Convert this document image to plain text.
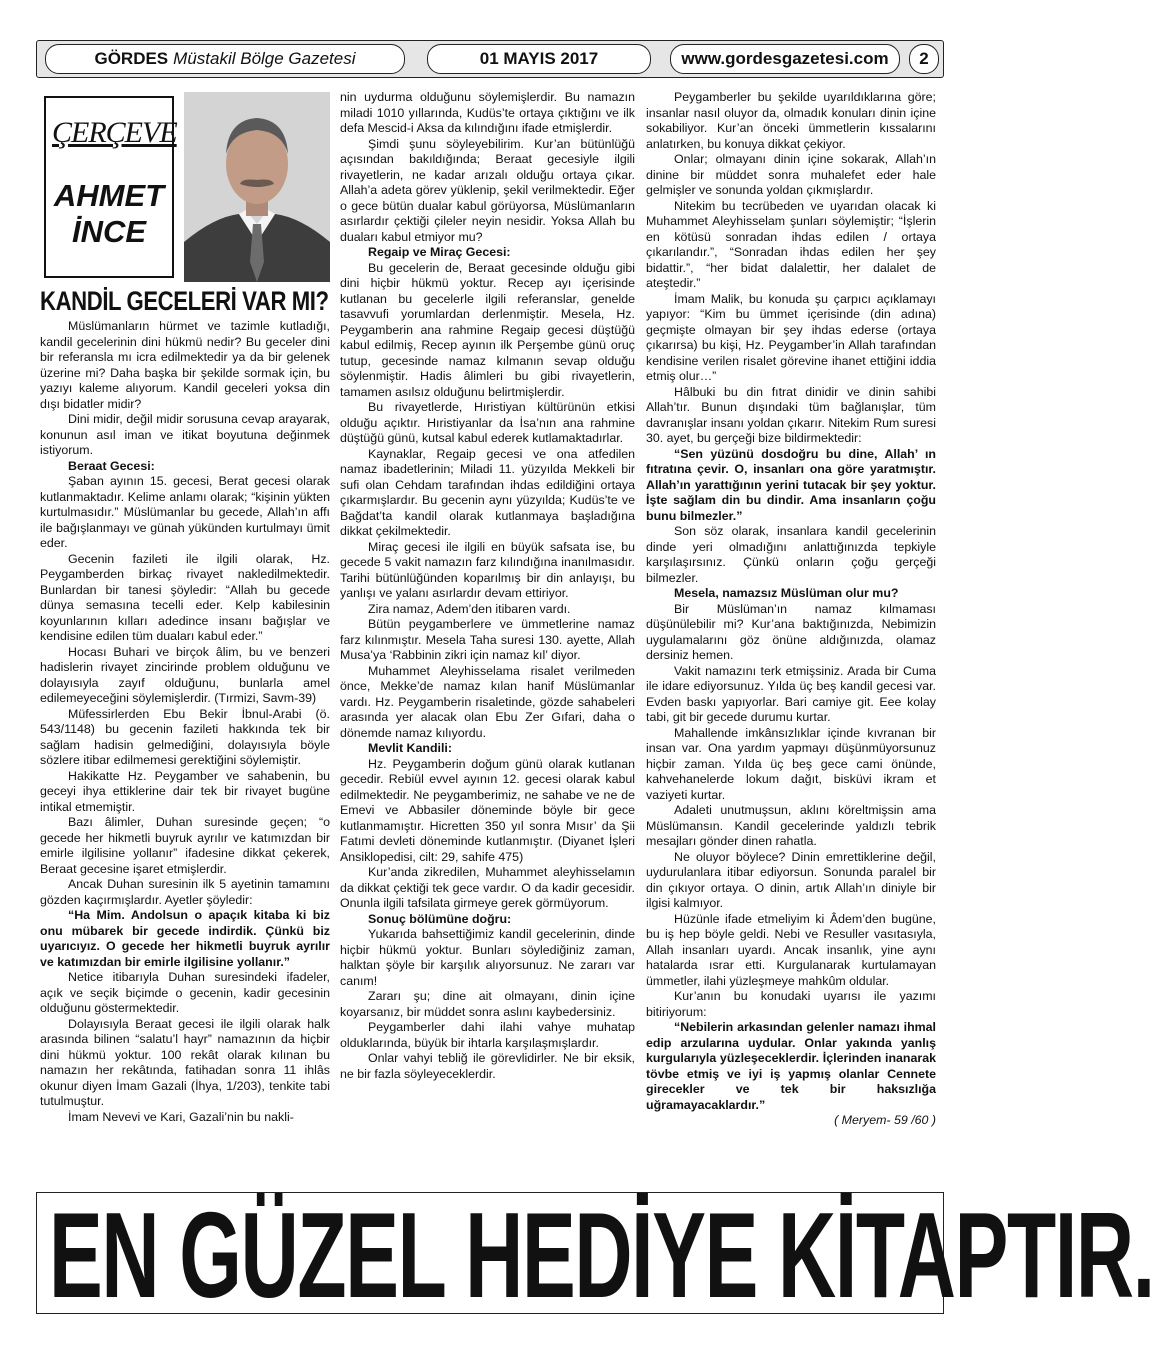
GÖRDES Müstakil Bölge Gazetesi	01 MAYIS 2017	www.gordesgazetesi.com	2
ÇERÇEVE
AHMET
İNCE
KANDİL GECELERİ VAR MI?

Müslümanların hürmet ve tazimle kutladığı, kandil gecelerinin dini hükmü nedir? Bu geceler dini bir referansla mı icra edilmektedir ya da bir gelenek üzerine mi? Daha başka bir şekilde sormak için, bu yazıyı kaleme alıyorum. Kandil geceleri yoksa din dışı bidatler midir?

Dini midir, değil midir sorusuna cevap arayarak, konunun asıl iman ve itikat boyutuna değinmek istiyorum.

Beraat Gecesi:

Şaban ayının 15. gecesi, Berat gecesi olarak kutlanmaktadır. Kelime anlamı olarak; “kişinin yükten kurtulmasıdır.” Müslümanlar bu gecede, Allah’ın affı ile bağışlanmayı ve günah yükünden kurtulmayı ümit eder.

Gecenin fazileti ile ilgili olarak, Hz. Peygamberden birkaç rivayet nakledilmektedir. Bunlardan bir tanesi şöyledir: “Allah bu gecede dünya semasına tecelli eder. Kelp kabilesinin koyunlarının kılları adedince insanı bağışlar ve kendisine edilen tüm duaları kabul eder.”

Hocası Buhari ve birçok âlim, bu ve benzeri hadislerin rivayet zincirinde problem olduğunu ve dolayısıyla zayıf olduğunu, bunlarla amel edilemeyeceğini söylemişlerdir. (Tırmizi, Savm-39)

Müfessirlerden Ebu Bekir İbnul-Arabi (ö. 543/1148) bu gecenin fazileti hakkında tek bir sağlam hadisin gelmediğini, dolayısıyla böyle sözlere itibar edilmemesi gerektiğini söylemiştir.

Hakikatte Hz. Peygamber ve sahabenin, bu geceyi ihya ettiklerine dair tek bir rivayet bugüne intikal etmemiştir.

Bazı âlimler, Duhan suresinde geçen; “o gecede her hikmetli buyruk ayrılır ve katımızdan bir emirle ilgilisine yollanır” ifadesine dikkat çekerek, Beraat gecesine işaret etmişlerdir.

Ancak Duhan suresinin ilk 5 ayetinin tamamını gözden kaçırmışlardır. Ayetler şöyledir:

“Ha Mim. Andolsun o apaçık kitaba ki biz onu mübarek bir gecede indirdik. Çünkü biz uyarıcıyız. O gecede her hikmetli buyruk ayrılır ve katımızdan bir emirle ilgilisine yollanır.”

Netice itibarıyla Duhan suresindeki ifadeler, açık ve seçik biçimde o gecenin, kadir gecesinin olduğunu göstermektedir.

Dolayısıyla Beraat gecesi ile ilgili olarak halk arasında bilinen “salatu’l hayr” namazının da hiçbir dini hükmü yoktur. 100 rekât olarak kılınan bu namazın her rekâtında, fatihadan sonra 11 ihlâs okunur diyen İmam Gazali (İhya, 1/203), tenkite tabi tutulmuştur.

İmam Nevevi ve Kari, Gazali’nin bu nakli-

nin uydurma olduğunu söylemişlerdir. Bu namazın miladi 1010 yıllarında, Kudüs’te ortaya çıktığını ve ilk defa Mescid-i Aksa da kılındığını ifade etmişlerdir.

Şimdi şunu söyleyebilirim. Kur’an bütünlüğü açısından bakıldığında; Beraat gecesiyle ilgili rivayetlerin, ne kadar arızalı olduğu ortaya çıkar. Allah’a adeta görev yüklenip, şekil verilmektedir. Eğer o gece bütün dualar kabul görüyorsa, Müslümanların asırlardır çektiği çileler neyin nesidir. Yoksa Allah bu duaları kabul etmiyor mu?

Regaip ve Miraç Gecesi:

Bu gecelerin de, Beraat gecesinde olduğu gibi dini hiçbir hükmü yoktur. Recep ayı içerisinde kutlanan bu gecelerle ilgili referanslar, genelde tasavvufi yorumlardan derlenmiştir. Mesela, Hz. Peygamberin ana rahmine Regaip gecesi düştüğü kabul edilmiş, Recep ayının ilk Perşembe günü oruç tutup, gecesinde namaz kılmanın sevap olduğu söylenmiştir. Hadis âlimleri bu gibi rivayetlerin, tamamen asılsız olduğunu belirtmişlerdir.

Bu rivayetlerde, Hıristiyan kültürünün etkisi olduğu açıktır. Hıristiyanlar da İsa’nın ana rahmine düştüğü günü, kutsal kabul ederek kutlamaktadırlar.

Kaynaklar, Regaip gecesi ve ona atfedilen namaz ibadetlerinin; Miladi 11. yüzyılda Mekkeli bir sufi olan Cehdam tarafından ihdas edildiğini ortaya çıkarmışlardır. Bu gecenin aynı yüzyılda; Kudüs’te ve Bağdat’ta kandil olarak kutlanmaya başladığına dikkat çekilmektedir.

Miraç gecesi ile ilgili en büyük safsata ise, bu gecede 5 vakit namazın farz kılındığına inanılmasıdır. Tarihi bütünlüğünden koparılmış bir din anlayışı, bu yanlışı ve yalanı asırlardır devam ettiriyor.

Zira namaz, Adem’den itibaren vardı.

Bütün peygamberlere ve ümmetlerine namaz farz kılınmıştır. Mesela Taha suresi 130. ayette, Allah Musa’ya ‘Rabbinin zikri için namaz kıl’ diyor.

Muhammet Aleyhisselama risalet verilmeden önce, Mekke’de namaz kılan hanif Müslümanlar vardı. Hz. Peygamberin risaletinde, gözde sahabeleri arasında yer alacak olan Ebu Zer Gıfari, daha o dönemde namaz kılıyordu.

Mevlit Kandili:

Hz. Peygamberin doğum günü olarak kutlanan gecedir. Rebiül evvel ayının 12. gecesi olarak kabul edilmektedir. Ne peygamberimiz, ne sahabe ve ne de Emevi ve Abbasiler döneminde böyle bir gece kutlanmamıştır. Hicretten 350 yıl sonra Mısır’ da Şii Fatımi devleti döneminde kutlanmıştır. (Diyanet İşleri Ansiklopedisi, cilt: 29, sahife 475)

Kur’anda zikredilen, Muhammet aleyhisselamın da dikkat çektiği tek gece vardır. O da kadir gecesidir. Onunla ilgili tafsilata girmeye gerek görmüyorum.

Sonuç bölümüne doğru:

Yukarıda bahsettiğimiz kandil gecelerinin, dinde hiçbir hükmü yoktur. Bunları söylediğiniz zaman, halktan şöyle bir karşılık alıyorsunuz. Ne zararı var canım!

Zararı şu; dine ait olmayanı, dinin içine koyarsanız, bir müddet sonra aslını kaybedersiniz.

Peygamberler dahi ilahi vahye muhatap olduklarında, büyük bir ihtarla karşılaşmışlardır.

Onlar vahyi tebliğ ile görevlidirler. Ne bir eksik, ne bir fazla söyleyeceklerdir.

Peygamberler bu şekilde uyarıldıklarına göre; insanlar nasıl oluyor da, olmadık konuları dinin içine sokabiliyor. Kur’an önceki ümmetlerin kıssalarını anlatırken, bu konuya dikkat çekiyor.

Onlar; olmayanı dinin içine sokarak, Allah’ın dinine bir müddet sonra muhalefet eder hale gelmişler ve sonunda yoldan çıkmışlardır.

Nitekim bu tecrübeden ve uyarıdan olacak ki Muhammet Aleyhisselam şunları söylemiştir; “İşlerin en kötüsü sonradan ihdas edilen / ortaya çıkarılandır.”, “Sonradan ihdas edilen her şey bidattir.”, “her bidat dalalettir, her dalalet de ateştedir.”

İmam Malik, bu konuda şu çarpıcı açıklamayı yapıyor: “Kim bu ümmet içerisinde (din adına) geçmişte olmayan bir şey ihdas ederse (ortaya çıkarırsa) bu kişi, Hz. Peygamber’in Allah tarafından kendisine verilen risalet görevine ihanet ettiğini iddia etmiş olur…”

Hâlbuki bu din fıtrat dinidir ve dinin sahibi Allah’tır. Bunun dışındaki tüm bağlanışlar, tüm davranışlar insanı yoldan çıkarır. Nitekim Rum suresi 30. ayet, bu gerçeği bize bildirmektedir:

“Sen yüzünü dosdoğru bu dine, Allah’ ın fıtratına çevir. O, insanları ona göre yaratmıştır. Allah’ın yarattığının yerini tutacak bir şey yoktur. İşte sağlam din bu dindir. Ama insanların çoğu bunu bilmezler.”

Son söz olarak, insanlara kandil gecelerinin dinde yeri olmadığını anlattığınızda tepkiyle karşılaşırsınız. Çünkü onların çoğu gerçeği bilmezler.

Mesela, namazsız Müslüman olur mu?

Bir Müslüman’ın namaz kılmaması düşünülebilir mi? Kur’ana baktığınızda, Nebimizin uygulamalarını göz önüne aldığınızda, olamaz dersiniz hemen.

Vakit namazını terk etmişsiniz. Arada bir Cuma ile idare ediyorsunuz. Yılda üç beş kandil gecesi var. Evden baskı yapıyorlar. Bari camiye git. Eee kolay tabi, git bir gecede durumu kurtar.

Mahallende imkânsızlıklar içinde kıvranan bir insan var. Ona yardım yapmayı düşünmüyorsunuz hiçbir zaman. Yılda üç beş gece cami önünde, kahvehanelerde lokum dağıt, bisküvi ikram et vaziyeti kurtar.

Adaleti unutmuşsun, aklını köreltmişsin ama Müslümansın. Kandil gecelerinde yaldızlı tebrik mesajları gönder dinen rahatla.

Ne oluyor böylece? Dinin emrettiklerine değil, uydurulanlara itibar ediyorsun. Sonunda paralel bir din çıkıyor ortaya. O dinin, artık Allah’ın diniyle bir ilgisi kalmıyor.

Hüzünle ifade etmeliyim ki Âdem’den bugüne, bu iş hep böyle geldi. Nebi ve Resuller vasıtasıyla, Allah insanları uyardı. Ancak insanlık, yine aynı hatalarda ısrar etti. Kurgulanarak kurtulamayan ümmetler, ilahi yüzleşmeye mahkûm oldular.

Kur’anın bu konudaki uyarısı ile yazımı bitiriyorum:

“Nebilerin arkasından gelenler namazı ihmal edip arzularına uydular. Onlar yakında yanlış kurgularıyla yüzleşeceklerdir. İçlerinden inanarak tövbe etmiş ve iyi iş yapmış olanlar Cennete girecekler ve tek bir haksızlığa uğramayacaklardır.”

( Meryem- 59 /60 )

EN GÜZEL HEDİYE KİTAPTIR.
